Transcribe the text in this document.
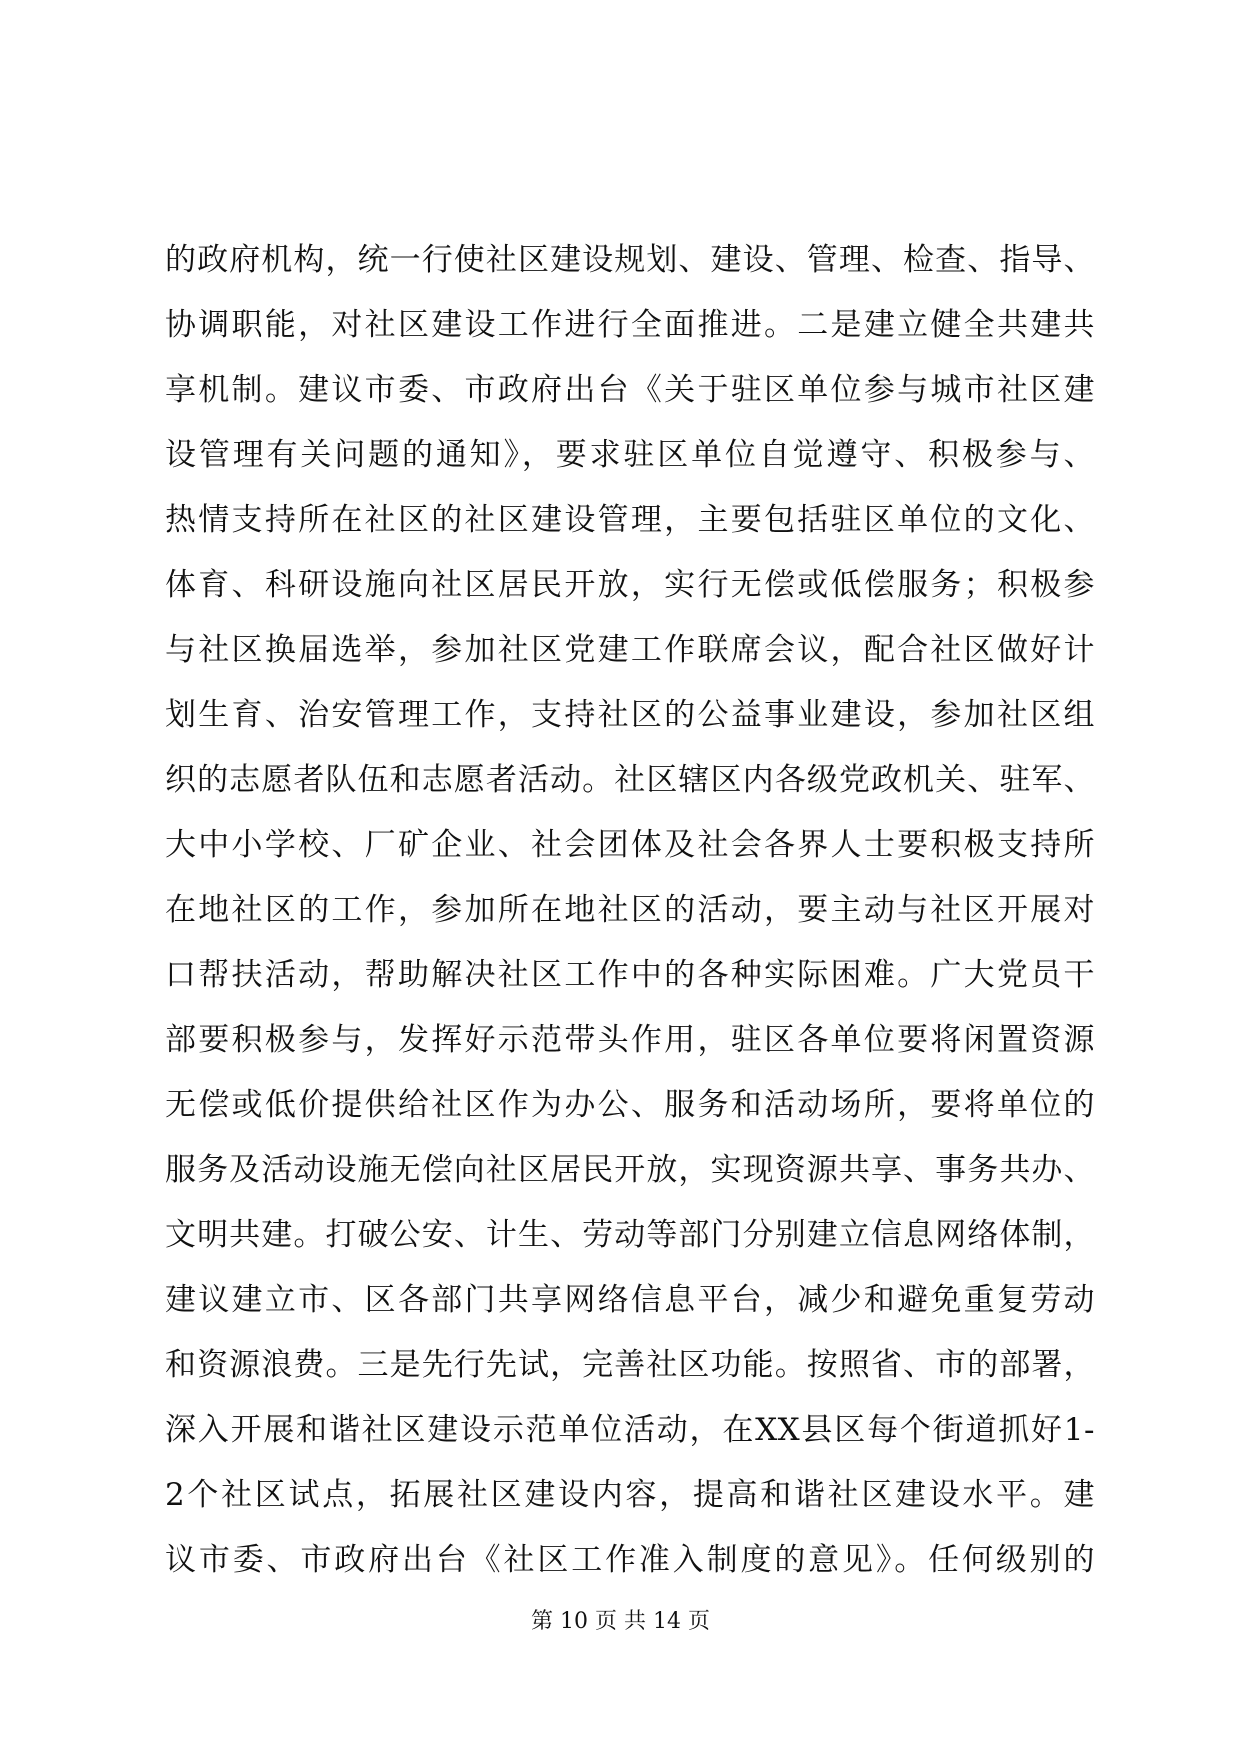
的政府机构，统一行使社区建设规划、建设、管理、检查、指导、
协调职能，对社区建设工作进行全面推进。二是建立健全共建共
享机制。建议市委、市政府出台《关于驻区单位参与城市社区建
设管理有关问题的通知》，要求驻区单位自觉遵守、积极参与、
热情支持所在社区的社区建设管理，主要包括驻区单位的文化、
体育、科研设施向社区居民开放，实行无偿或低偿服务；积极参
与社区换届选举，参加社区党建工作联席会议，配合社区做好计
划生育、治安管理工作，支持社区的公益事业建设，参加社区组
织的志愿者队伍和志愿者活动。社区辖区内各级党政机关、驻军、
大中小学校、厂矿企业、社会团体及社会各界人士要积极支持所
在地社区的工作，参加所在地社区的活动，要主动与社区开展对
口帮扶活动，帮助解决社区工作中的各种实际困难。广大党员干
部要积极参与，发挥好示范带头作用，驻区各单位要将闲置资源
无偿或低价提供给社区作为办公、服务和活动场所，要将单位的
服务及活动设施无偿向社区居民开放，实现资源共享、事务共办、
文明共建。打破公安、计生、劳动等部门分别建立信息网络体制，
建议建立市、区各部门共享网络信息平台，减少和避免重复劳动
和资源浪费。三是先行先试，完善社区功能。按照省、市的部署，
深入开展和谐社区建设示范单位活动，在XX县区每个街道抓好1-
2个社区试点，拓展社区建设内容，提高和谐社区建设水平。建
议市委、市政府出台《社区工作准入制度的意见》。任何级别的
第 10 页 共 14 页
